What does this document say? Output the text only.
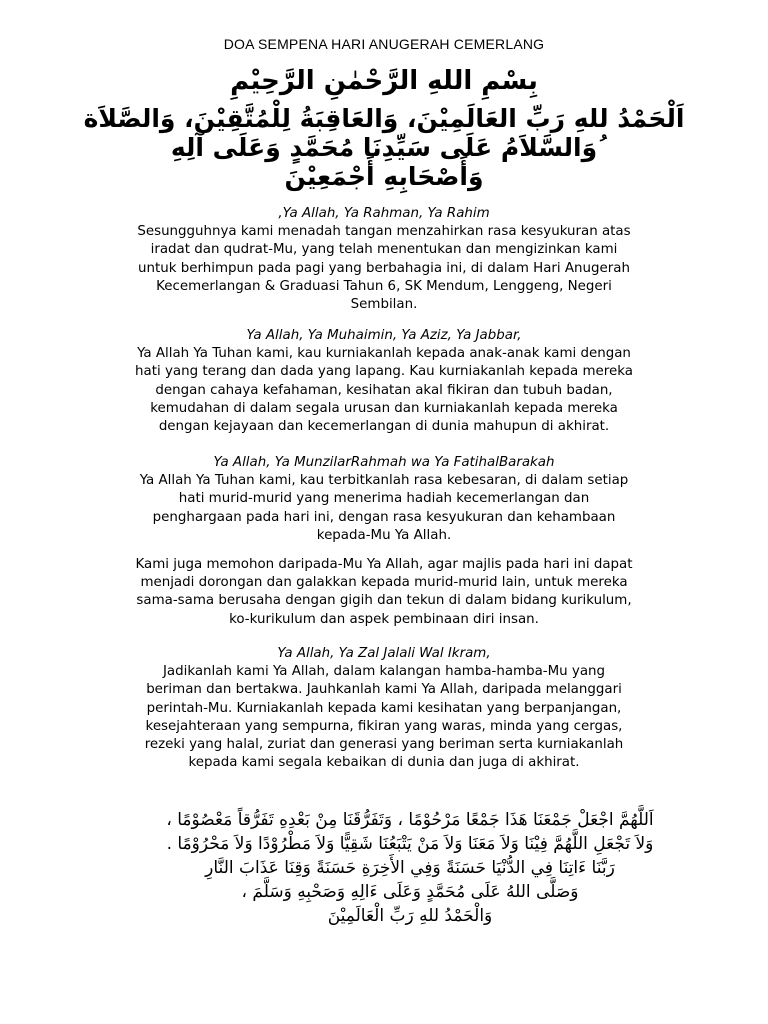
DOA SEMPENA HARI ANUGERAH CEMERLANG
بِسْمِ اللهِ الرَّحْمٰنِ الرَّحِيْمِ
اَلْحَمْدُ للهِ رَبِّ العَالَمِيْنَ، وَالعَاقِبَةُ لِلْمُتَّقِيْنَ، وَالصَّلاَة
ُوَالسَّلاَمُ عَلَى سَيِّدِنَا مُحَمَّدٍ وَعَلَى آلِهِ
وَأَصْحَابِهِ أَجْمَعِيْنَ
,Ya Allah, Ya Rahman, Ya Rahim
Sesungguhnya kami menadah tangan menzahirkan rasa kesyukuran atas
iradat dan qudrat-Mu, yang telah menentukan dan mengizinkan kami
untuk berhimpun pada pagi yang berbahagia ini, di dalam Hari Anugerah
Kecemerlangan & Graduasi Tahun 6, SK Mendum, Lenggeng, Negeri
Sembilan.
Ya Allah, Ya Muhaimin, Ya Aziz, Ya Jabbar,
Ya Allah Ya Tuhan kami, kau kurniakanlah kepada anak-anak kami dengan
hati yang terang dan dada yang lapang. Kau kurniakanlah kepada mereka
dengan cahaya kefahaman, kesihatan akal fikiran dan tubuh badan,
kemudahan di dalam segala urusan dan kurniakanlah kepada mereka
dengan kejayaan dan kecemerlangan di dunia mahupun di akhirat.
Ya Allah, Ya MunzilarRahmah wa Ya FatihalBarakah
Ya Allah Ya Tuhan kami, kau terbitkanlah rasa kebesaran, di dalam setiap
hati murid-murid yang menerima hadiah kecemerlangan dan
penghargaan pada hari ini, dengan rasa kesyukuran dan kehambaan
kepada-Mu Ya Allah.
Kami juga memohon daripada-Mu Ya Allah, agar majlis pada hari ini dapat
menjadi dorongan dan galakkan kepada murid-murid lain, untuk mereka
sama-sama berusaha dengan gigih dan tekun di dalam bidang kurikulum,
ko-kurikulum dan aspek pembinaan diri insan.
Ya Allah, Ya Zal Jalali Wal Ikram,
Jadikanlah kami Ya Allah, dalam kalangan hamba-hamba-Mu yang
beriman dan bertakwa. Jauhkanlah kami Ya Allah, daripada melanggari
perintah-Mu. Kurniakanlah kepada kami kesihatan yang berpanjangan,
kesejahteraan yang sempurna, fikiran yang waras, minda yang cergas,
rezeki yang halal, zuriat dan generasi yang beriman serta kurniakanlah
kepada kami segala kebaikan di dunia dan juga di akhirat.
اَللَّهُمَّ اجْعَلْ جَمْعَنَا هَذَا جَمْعًا مَرْحُوْمًا ، وَتَفَرُّقَنَا مِنْ بَعْدِهِ تَفَرُّقاً مَعْصُوْمًا ،
وَلاَ تَجْعَلِ اللَّهُمَّ فِيْنَا وَلاَ مَعَنَا وَلاَ مَنْ يَتْبَعُنَا شَقِيًّا وَلاَ مَطْرُوْدًا وَلاَ مَحْرُوْمًا .
رَبَّنَا ءَاتِنَا فِي الدُّنْيَا حَسَنَةً وَفِي الأَخِرَةِ حَسَنَةً وَقِنَا عَذَابَ النَّارِ
وَصَلَّى اللهُ عَلَى مُحَمَّدٍ وَعَلَى ءَالِهِ وَصَحْبِهِ وَسَلَّمَ ،
وَالْحَمْدُ للهِ رَبِّ الْعَالَمِيْنَ
